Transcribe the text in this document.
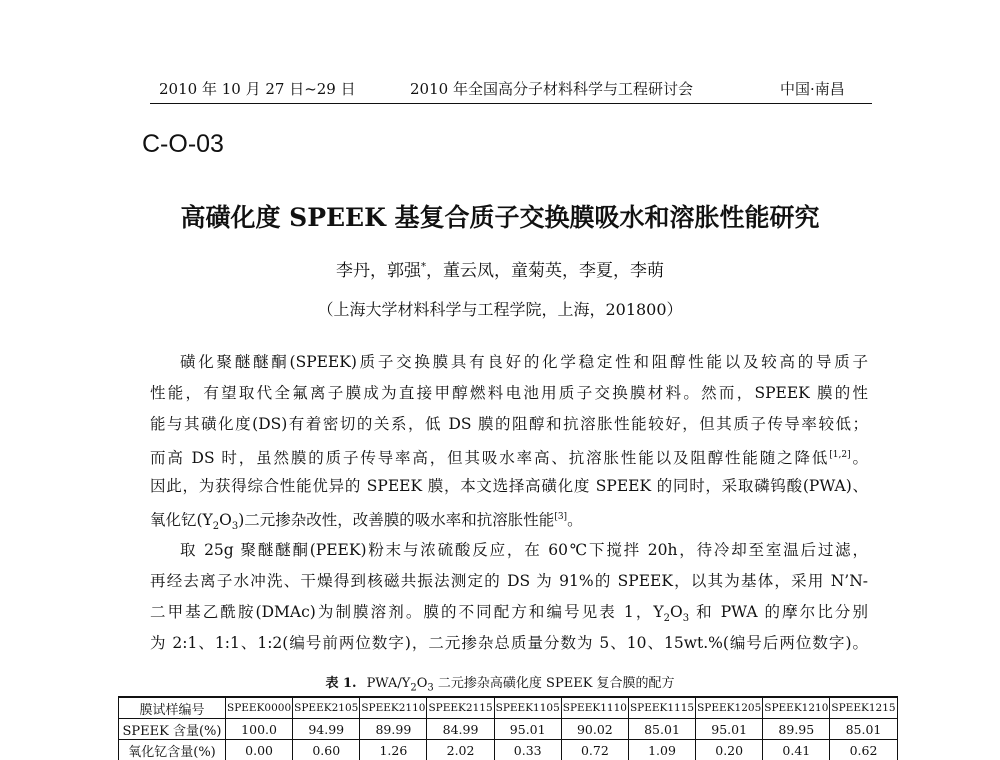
2010 年 10 月 27 日~29 日	2010 年全国高分子材料科学与工程研讨会	中国·南昌
C-O-03
高磺化度 SPEEK 基复合质子交换膜吸水和溶胀性能研究
李丹，郭强*，董云凤，童菊英，李夏，李萌
（上海大学材料科学与工程学院，上海，201800）
磺化聚醚醚酮(SPEEK)质子交换膜具有良好的化学稳定性和阻醇性能以及较高的导质子
性能，有望取代全氟离子膜成为直接甲醇燃料电池用质子交换膜材料。然而，SPEEK 膜的性
能与其磺化度(DS)有着密切的关系，低 DS 膜的阻醇和抗溶胀性能较好，但其质子传导率较低；
而高 DS 时，虽然膜的质子传导率高，但其吸水率高、抗溶胀性能以及阻醇性能随之降低[1,2]。
因此，为获得综合性能优异的 SPEEK 膜，本文选择高磺化度 SPEEK 的同时，采取磷钨酸(PWA)、
氧化钇$(Y_2O_3)$二元掺杂改性，改善膜的吸水率和抗溶胀性能[3]。
取 25g 聚醚醚酮(PEEK)粉末与浓硫酸反应，在 60℃下搅拌 20h，待冷却至室温后过滤，
再经去离子水冲洗、干燥得到核磁共振法测定的 DS 为 91%的 SPEEK，以其为基体，采用 N’N-
二甲基乙酰胺(DMAc)为制膜溶剂。膜的不同配方和编号见表 1，$Y_2O_3$ 和 PWA 的摩尔比分别
为 2:1、1:1、1:2(编号前两位数字)，二元掺杂总质量分数为 5、10、15wt.%(编号后两位数字)。
表 1. PWA/$Y_2O_3$ 二元掺杂高磺化度 SPEEK 复合膜的配方
膜试样编号	SPEEK0000	SPEEK2105	SPEEK2110	SPEEK2115	SPEEK1105	SPEEK1110	SPEEK1115	SPEEK1205	SPEEK1210	SPEEK1215
SPEEK 含量(%)	100.0	94.99	89.99	84.99	95.01	90.02	85.01	95.01	89.95	85.01
氧化钇含量(%)	0.00	0.60	1.26	2.02	0.33	0.72	1.09	0.20	0.41	0.62
